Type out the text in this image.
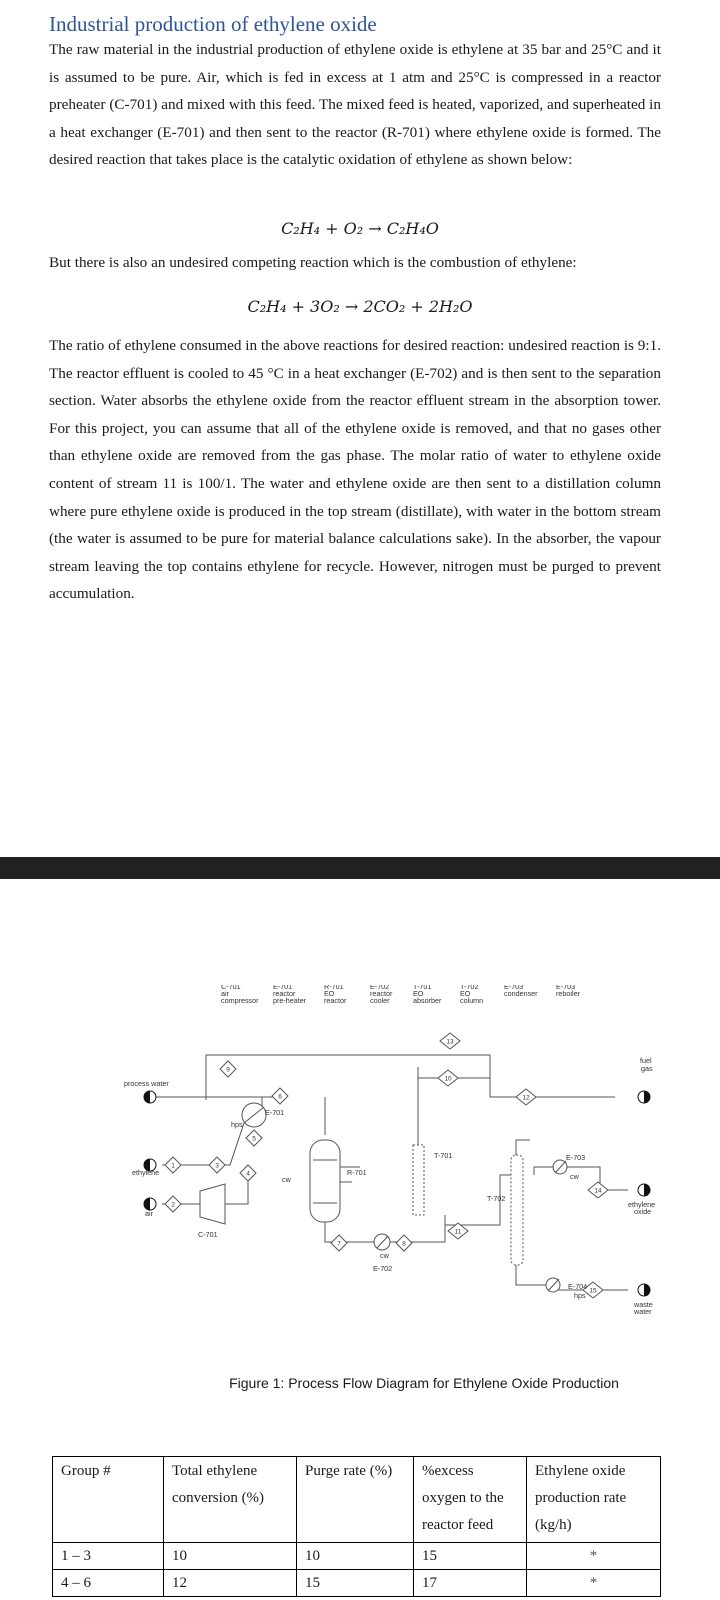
Industrial production of ethylene oxide

The raw material in the industrial production of ethylene oxide is ethylene at 35 bar and 25°C and it is assumed to be pure. Air, which is fed in excess at 1 atm and 25°C is compressed in a reactor preheater (C-701) and mixed with this feed. The mixed feed is heated, vaporized, and superheated in a heat exchanger (E-701) and then sent to the reactor (R-701) where ethylene oxide is formed. The desired reaction that takes place is the catalytic oxidation of ethylene as shown below:

C₂H₄ + O₂ → C₂H₄O
But there is also an undesired competing reaction which is the combustion of ethylene:
C₂H₄ + 3O₂ → 2CO₂ + 2H₂O

The ratio of ethylene consumed in the above reactions for desired reaction: undesired reaction is 9:1. The reactor effluent is cooled to 45 °C in a heat exchanger (E-702) and is then sent to the separation section. Water absorbs the ethylene oxide from the reactor effluent stream in the absorption tower. For this project, you can assume that all of the ethylene oxide is removed, and that no gases other than ethylene oxide are removed from the gas phase. The molar ratio of water to ethylene oxide content of stream 11 is 100/1. The water and ethylene oxide are then sent to a distillation column where pure ethylene oxide is produced in the top stream (distillate), with water in the bottom stream (the water is assumed to be pure for material balance calculations sake). In the absorber, the vapour stream leaving the top contains ethylene for recycle. However, nitrogen must be purged to prevent accumulation.

C-701
air
compressor
E-701
reactor
pre-heater
R-701
EO
reactor
E-702
reactor
cooler
T-701
EO
absorber
T-702
EO
column
E-703
condenser
E-703
reboiler
1
2
3
4
5
6
7	8
9
10
11
12
13
14
15
process water
ethylene
air
fuel
gas
ethylene
oxide
waste
water
hps
hps
cw
cw
cw
C-701
E-701
R-701
E-702
T-701
T-702
E-703
E-704
Figure 1: Process Flow Diagram for Ethylene Oxide Production
Group #	Total ethylene conversion (%)	Purge rate (%)	%excess oxygen to the reactor feed	Ethylene oxide production rate (kg/h)
1 – 3	10	10	15	*
4 – 6	12	15	17	*
